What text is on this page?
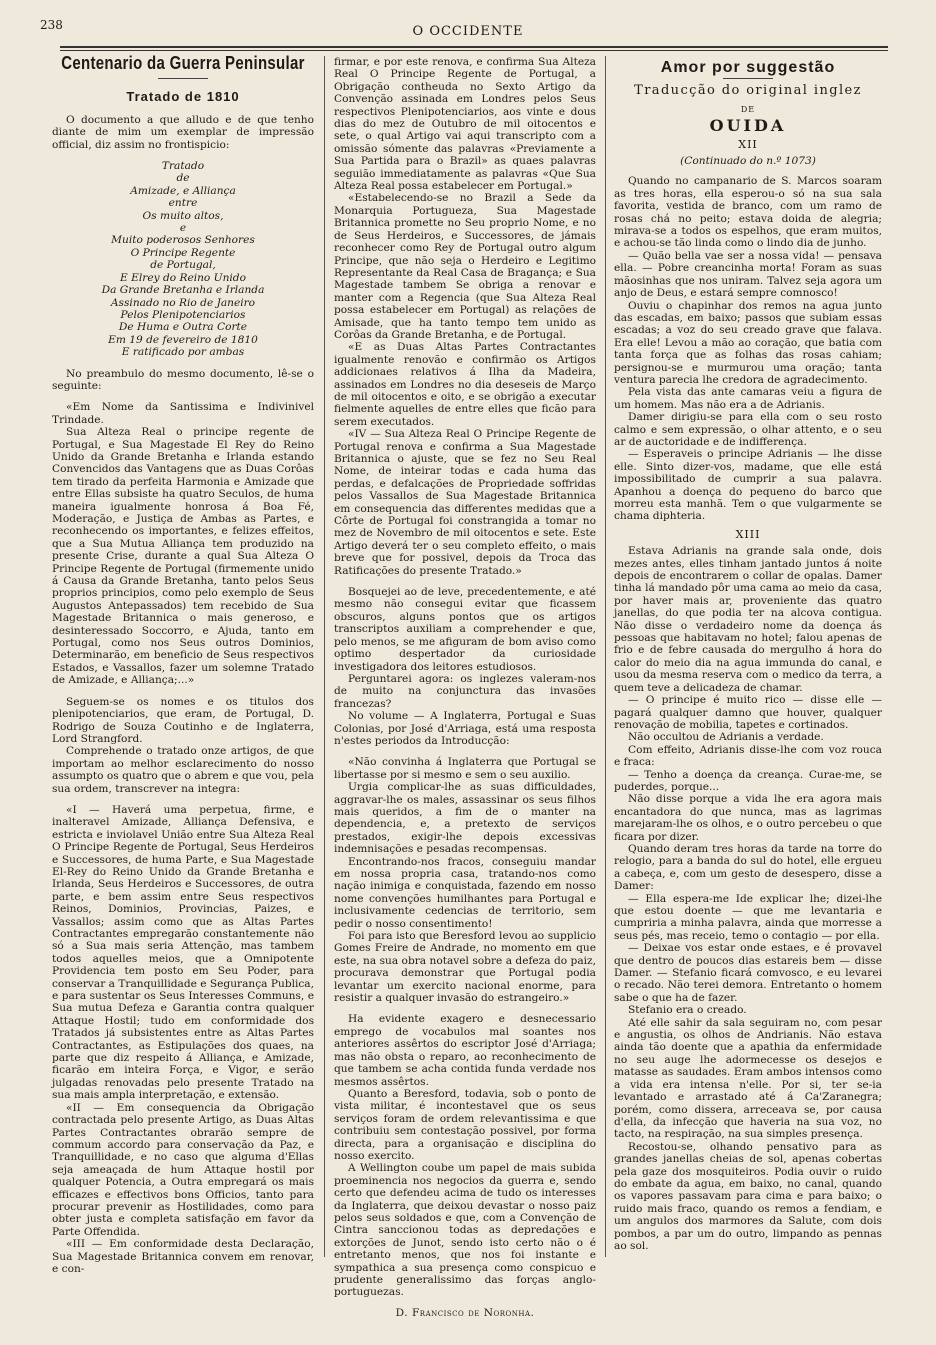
238	O OCCIDENTE
Centenario da Guerra Peninsular
Tratado de 1810

O documento a que alludo e de que tenho diante de mim um exemplar de impressão official, diz assim no frontispicio:

Tratado

de

Amizade, e Alliança

entre

Os muito altos,

e

Muito poderosos Senhores

O Principe Regente

de Portugal,

E Elrey do Reino Unido

Da Grande Bretanha e Irlanda

Assinado no Rio de Janeiro

Pelos Plenipotenciarios

De Huma e Outra Corte

Em 19 de fevereiro de 1810

E ratificado por ambas

No preambulo do mesmo documento, lê-se o seguinte:

«Em Nome da Santissima e Indivinivel Trindade.

Sua Alteza Real o principe regente de Portugal, e Sua Magestade El Rey do Reino Unido da Grande Bretanha e Irlanda estando Convencidos das Vantagens que as Duas Corôas tem tirado da perfeita Harmonia e Amizade que entre Ellas subsiste ha quatro Seculos, de huma maneira igualmente honrosa á Boa Fé, Moderação, e Justiça de Ambas as Partes, e reconhecendo os importantes, e felizes effeitos, que a Sua Mutua Alliança tem produzido na presente Crise, durante a qual Sua Alteza O Principe Regente de Portugal (firmemente unido á Causa da Grande Bretanha, tanto pelos Seus proprios principios, como pelo exemplo de Seus Augustos Antepassados) tem recebido de Sua Magestade Britannica o mais generoso, e desinteressado Soccorro, e Ajuda, tanto em Portugal, como nos Seus outros Dominios, Determinarão, em beneficio de Seus respectivos Estados, e Vassallos, fazer um solemne Tratado de Amizade, e Alliança;...»

Seguem-se os nomes e os titulos dos plenipotenciarios, que eram, de Portugal, D. Rodrigo de Souza Coutinho e de Inglaterra, Lord Strangford.

Comprehende o tratado onze artigos, de que importam ao melhor esclarecimento do nosso assumpto os quatro que o abrem e que vou, pela sua ordem, transcrever na integra:

«I — Haverá uma perpetua, firme, e inalteravel Amizade, Alliança Defensiva, e estricta e inviolavel União entre Sua Alteza Real O Principe Regente de Portugal, Seus Herdeiros e Successores, de huma Parte, e Sua Magestade El-Rey do Reino Unido da Grande Bretanha e Irlanda, Seus Herdeiros e Successores, de outra parte, e bem assim entre Seus respectivos Reinos, Dominios, Provincias, Paizes, e Vassallos; assim como que as Altas Partes Contractantes empregarão constantemente não só a Sua mais seria Attenção, mas tambem todos aquelles meios, que a Omnipotente Providencia tem posto em Seu Poder, para conservar a Tranquillidade e Segurança Publica, e para sustentar os Seus Interesses Communs, e Sua mutua Defeza e Garantia contra qualquer Attaque Hostil; tudo em conformidade dos Tratados já subsistentes entre as Altas Partes Contractantes, as Estipulações dos quaes, na parte que diz respeito á Alliança, e Amizade, ficarão em inteira Força, e Vigor, e serão julgadas renovadas pelo presente Tratado na sua mais ampla interpretação, e extensão.

«II — Em consequencia da Obrigação contractada pelo presente Artigo, as Duas Altas Partes Contractantes obrarão sempre de commum accordo para conservação da Paz, e Tranquillidade, e no caso que alguma d'Ellas seja ameaçada de hum Attaque hostil por qualquer Potencia, a Outra empregará os mais efficazes e effectivos bons Officios, tanto para procurar prevenir as Hostilidades, como para obter justa e completa satisfação em favor da Parte Offendida.

«III — Em conformidade desta Declaração, Sua Magestade Britannica convem em renovar, e con-

firmar, e por este renova, e confirma Sua Alteza Real O Principe Regente de Portugal, a Obrigação contheuda no Sexto Artigo da Convenção assinada em Londres pelos Seus respectivos Plenipotenciarios, aos vinte e dous dias do mez de Outubro de mil oitocentos e sete, o qual Artigo vai aqui transcripto com a omissão sómente das palavras «Previamente a Sua Partida para o Brazil» as quaes palavras seguião immediatamente as palavras «Que Sua Alteza Real possa estabelecer em Portugal.»

«Estabelecendo-se no Brazil a Sede da Monarquia Portugueza, Sua Magestade Britannica promette no Seu proprio Nome, e no de Seus Herdeiros, e Successores, de jámais reconhecer como Rey de Portugal outro algum Principe, que não seja o Herdeiro e Legitimo Representante da Real Casa de Bragança; e Sua Magestade tambem Se obriga a renovar e manter com a Regencia (que Sua Alteza Real possa estabelecer em Portugal) as relações de Amisade, que ha tanto tempo tem unido as Corôas da Grande Bretanha, e de Portugal.

«E as Duas Altas Partes Contractantes igualmente renovão e confirmão os Artigos addicionaes relativos á Ilha da Madeira, assinados em Londres no dia deseseis de Março de mil oitocentos e oito, e se obrigão a executar fielmente aquelles de entre elles que ficão para serem executados.

«IV — Sua Alteza Real O Principe Regente de Portugal renova e confirma a Sua Magestade Britannica o ajuste, que se fez no Seu Real Nome, de inteirar todas e cada huma das perdas, e defalcações de Propriedade soffridas pelos Vassallos de Sua Magestade Britannica em consequencia das differentes medidas que a Côrte de Portugal foi constrangida a tomar no mez de Novembro de mil oitocentos e sete. Este Artigo deverá ter o seu completo effeito, o mais breve que for possivel, depois da Troca das Ratificações do presente Tratado.»

Bosquejei ao de leve, precedentemente, e até mesmo não consegui evitar que ficassem obscuros, alguns pontos que os artigos transcriptos auxiliam a comprehender e que, pelo menos, se me afiguram de bom aviso como optimo despertador da curiosidade investigadora dos leitores estudiosos.

Perguntarei agora: os inglezes valeram-nos de muito na conjunctura das invasões francezas?

No volume — A Inglaterra, Portugal e Suas Colonias, por José d'Arriaga, está uma resposta n'estes periodos da Introducção:

«Não convinha á Inglaterra que Portugal se libertasse por si mesmo e sem o seu auxilio.

Urgia complicar-lhe as suas difficuldades, aggravar-lhe os males, assassinar os seus filhos mais queridos, a fim de o manter na dependencia, e, a pretexto de serviços prestados, exigir-lhe depois excessivas indemnisações e pesadas recompensas.

Encontrando-nos fracos, conseguiu mandar em nossa propria casa, tratando-nos como nação inimiga e conquistada, fazendo em nosso nome convenções humilhantes para Portugal e inclusivamente cedencias de territorio, sem pedir o nosso consentimento!

Foi para isto que Beresford levou ao supplicio Gomes Freire de Andrade, no momento em que este, na sua obra notavel sobre a defeza do paiz, procurava demonstrar que Portugal podia levantar um exercito nacional enorme, para resistir a qualquer invasão do estrangeiro.»

Ha evidente exagero e desnecessario emprego de vocabulos mal soantes nos anteriores assêrtos do escriptor José d'Arriaga; mas não obsta o reparo, ao reconhecimento de que tambem se acha contida funda verdade nos mesmos assêrtos.

Quanto a Beresford, todavia, sob o ponto de vista militar, é incontestavel que os seus serviços foram de ordem relevantissima e que contribuiu sem contestação possivel, por forma directa, para a organisação e disciplina do nosso exercito.

A Wellington coube um papel de mais subida proeminencia nos negocios da guerra e, sendo certo que defendeu acima de tudo os interesses da Inglaterra, que deixou devastar o nosso paiz pelos seus soldados e que, com a Convenção de Cintra sanccionou todas as depredações e extorções de Junot, sendo isto certo não o é entretanto menos, que nos foi instante e sympathica a sua presença como conspicuo e prudente generalissimo das forças anglo-portuguezas.

D. Francisco de Noronha.

Amor por suggestão
Traducção do original inglez
DE
OUIDA
XII
(Continuado do n.º 1073)

Quando no campanario de S. Marcos soaram as tres horas, ella esperou-o só na sua sala favorita, vestida de branco, com um ramo de rosas chá no peito; estava doida de alegria; mirava-se a todos os espelhos, que eram muitos, e achou-se tão linda como o lindo dia de junho.

— Quão bella vae ser a nossa vida! — pensava ella. — Pobre creancinha morta! Foram as suas mãosinhas que nos uniram. Talvez seja agora um anjo de Deus, e estará sempre comnosco!

Ouviu o chapinhar dos remos na agua junto das escadas, em baixo; passos que subiam essas escadas; a voz do seu creado grave que falava. Era elle! Levou a mão ao coração, que batia com tanta força que as folhas das rosas cahiam; persignou-se e murmurou uma oração; tanta ventura parecia lhe credora de agradecimento.

Pela vista das ante camaras veiu a figura de um homem. Mas não era a de Adrianis.

Damer dirigiu-se para ella com o seu rosto calmo e sem expressão, o olhar attento, e o seu ar de auctoridade e de indifferença.

— Esperaveis o principe Adrianis — lhe disse elle. Sinto dizer-vos, madame, que elle está impossibilitado de cumprir a sua palavra. Apanhou a doença do pequeno do barco que morreu esta manhã. Tem o que vulgarmente se chama diphteria.

XIII

Estava Adrianis na grande sala onde, dois mezes antes, elles tinham jantado juntos á noite depois de encontrarem o collar de opalas. Damer tinha lá mandado pôr uma cama ao meio da casa, por haver mais ar, proveniente das quatro janellas, do que podia ter na alcova contigua. Não disse o verdadeiro nome da doença ás pessoas que habitavam no hotel; falou apenas de frio e de febre causada do mergulho á hora do calor do meio dia na agua immunda do canal, e usou da mesma reserva com o medico da terra, a quem teve a delicadeza de chamar.

— O principe é muito rico — disse elle — pagará qualquer damno que houver, qualquer renovação de mobilia, tapetes e cortinados.

Não occultou de Adrianis a verdade.

Com effeito, Adrianis disse-lhe com voz rouca e fraca:

— Tenho a doença da creança. Curae-me, se puderdes, porque...

Não disse porque a vida lhe era agora mais encantadora do que nunca, mas as lagrimas marejaram-lhe os olhos, e o outro percebeu o que ficara por dizer.

Quando deram tres horas da tarde na torre do relogio, para a banda do sul do hotel, elle ergueu a cabeça, e, com um gesto de desespero, disse a Damer:

— Ella espera-me Ide explicar lhe; dizei-lhe que estou doente — que me levantaria e cumpriria a minha palavra, ainda que morresse a seus pés, mas receio, temo o contagio — por ella.

— Deixae vos estar onde estaes, e é provavel que dentro de poucos dias estareis bem — disse Damer. — Stefanio ficará comvosco, e eu levarei o recado. Não terei demora. Entretanto o homem sabe o que ha de fazer.

Stefanio era o creado.

Até elle sahir da sala seguiram no, com pesar e angustia, os olhos de Andrianis. Não estava ainda tão doente que a apathia da enfermidade no seu auge lhe adormecesse os desejos e matasse as saudades. Eram ambos intensos como a vida era intensa n'elle. Por si, ter se-ia levantado e arrastado até á Ca'Zaranegra; porém, como dissera, arreceava se, por causa d'ella, da infecção que haveria na sua voz, no tacto, na respiração, na sua simples presença.

Recostou-se, olhando pensativo para as grandes janellas cheias de sol, apenas cobertas pela gaze dos mosquiteiros. Podia ouvir o ruido do embate da agua, em baixo, no canal, quando os vapores passavam para cima e para baixo; o ruido mais fraco, quando os remos a fendiam, e um angulos dos marmores da Salute, com dois pombos, a par um do outro, limpando as pennas ao sol.
